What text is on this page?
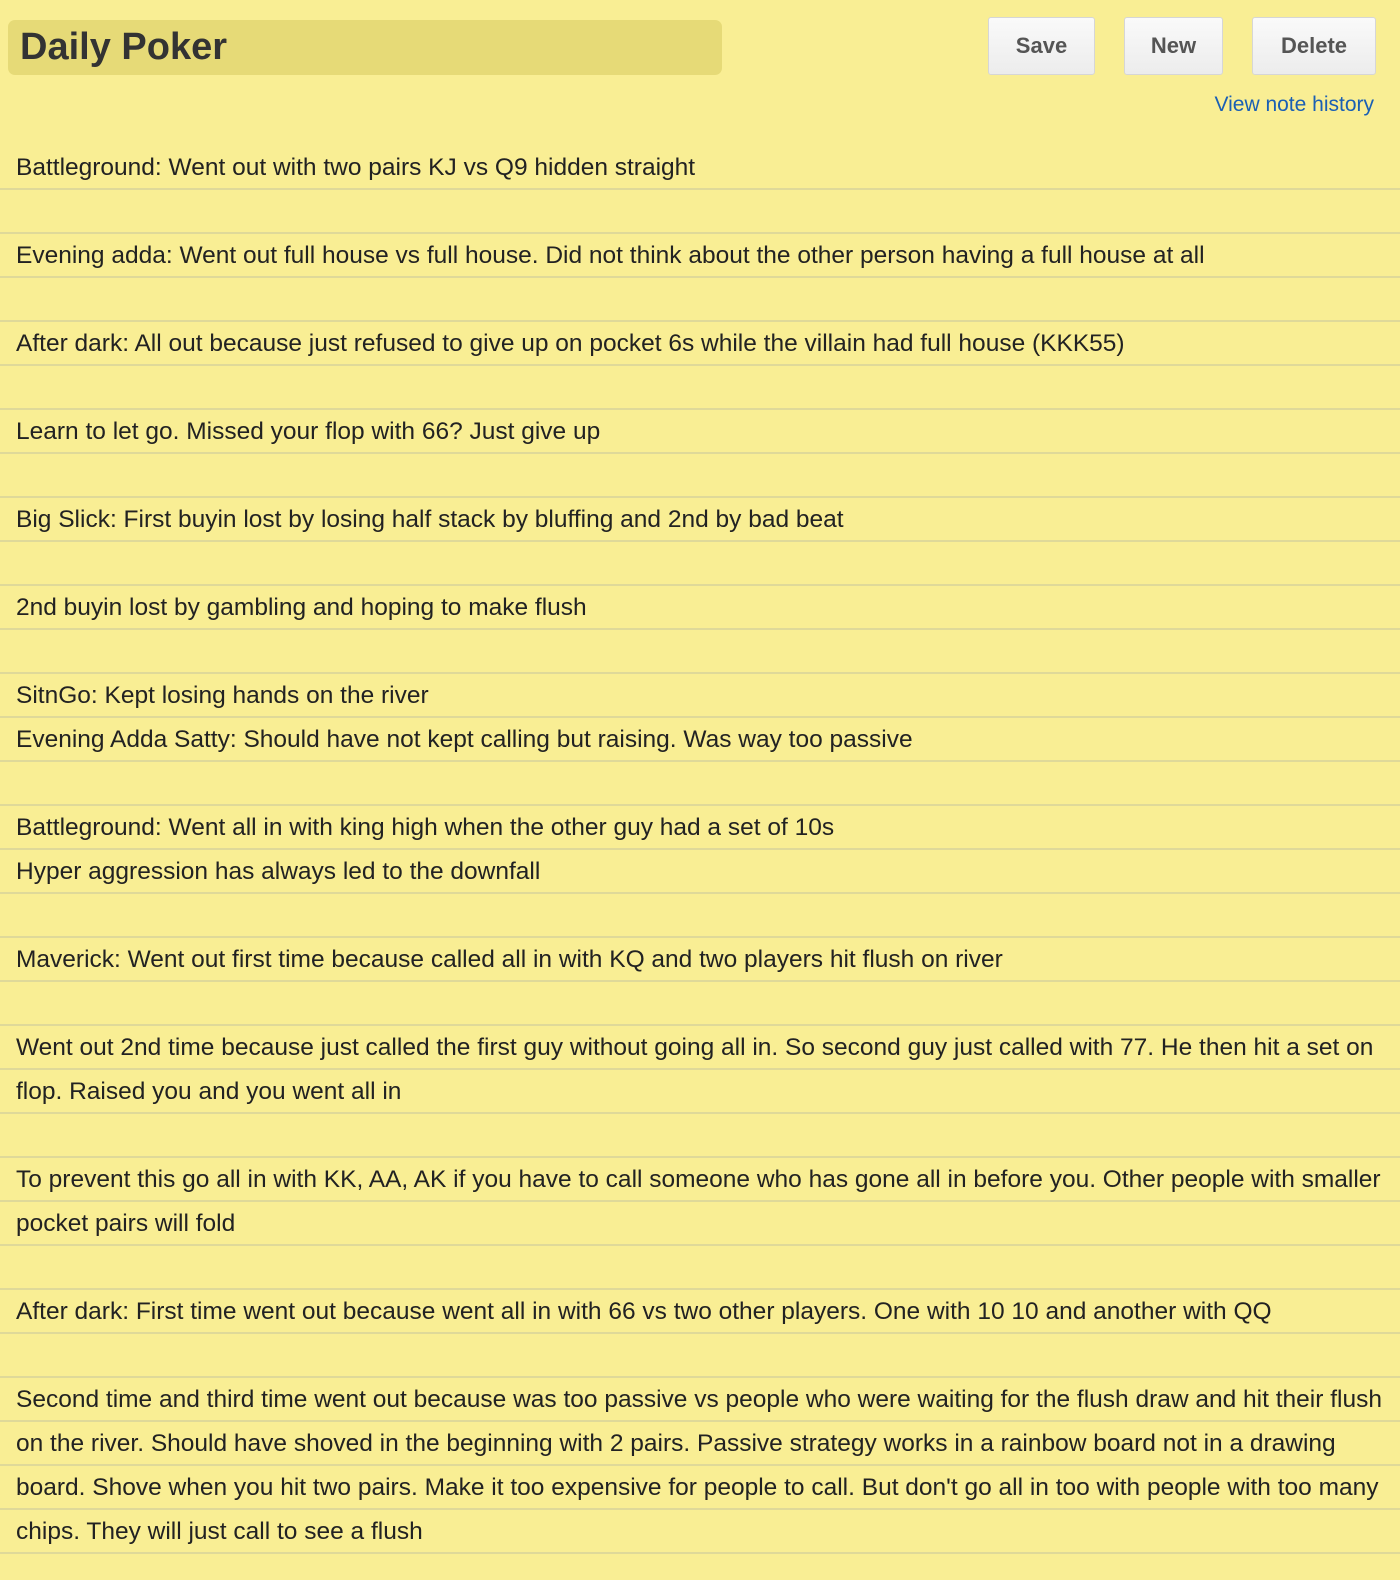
Daily Poker	Save	New	Delete
View note history

Battleground: Went out with two pairs KJ vs Q9 hidden straight

Evening adda: Went out full house vs full house. Did not think about the other person having a full house at all

After dark: All out because just refused to give up on pocket 6s while the villain had full house (KKK55)

Learn to let go. Missed your flop with 66? Just give up

Big Slick: First buyin lost by losing half stack by bluffing and 2nd by bad beat

2nd buyin lost by gambling and hoping to make flush

SitnGo: Kept losing hands on the river

Evening Adda Satty: Should have not kept calling but raising. Was way too passive

Battleground: Went all in with king high when the other guy had a set of 10s

Hyper aggression has always led to the downfall

Maverick: Went out first time because called all in with KQ and two players hit flush on river

Went out 2nd time because just called the first guy without going all in. So second guy just called with 77. He then hit a set on flop. Raised you and you went all in

To prevent this go all in with KK, AA, AK if you have to call someone who has gone all in before you. Other people with smaller pocket pairs will fold

After dark: First time went out because went all in with 66 vs two other players. One with 10 10 and another with QQ

Second time and third time went out because was too passive vs people who were waiting for the flush draw and hit their flush on the river. Should have shoved in the beginning with 2 pairs. Passive strategy works in a rainbow board not in a drawing board. Shove when you hit two pairs. Make it too expensive for people to call. But don't go all in too with people with too many chips. They will just call to see a flush
